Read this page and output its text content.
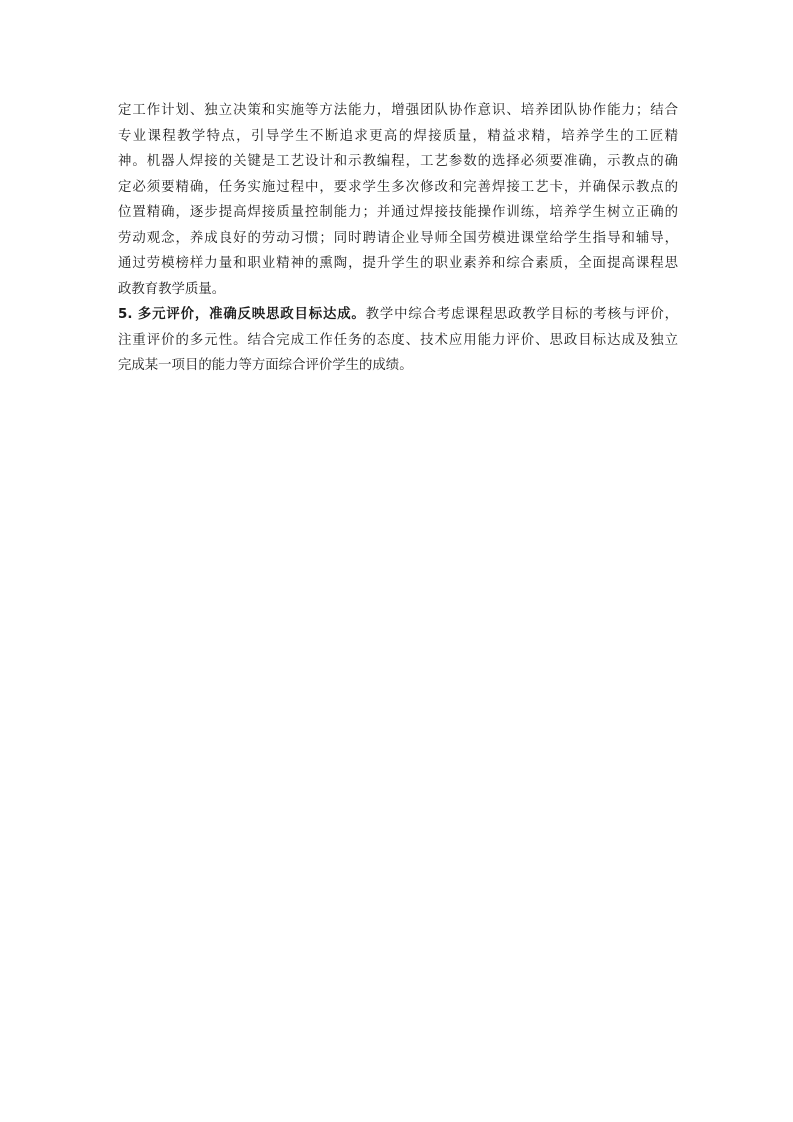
定工作计划、独立决策和实施等方法能力，增强团队协作意识、培养团队协作能力；结合
专业课程教学特点，引导学生不断追求更高的焊接质量，精益求精，培养学生的工匠精
神。机器人焊接的关键是工艺设计和示教编程，工艺参数的选择必须要准确，示教点的确
定必须要精确，任务实施过程中，要求学生多次修改和完善焊接工艺卡，并确保示教点的
位置精确，逐步提高焊接质量控制能力；并通过焊接技能操作训练，培养学生树立正确的
劳动观念，养成良好的劳动习惯；同时聘请企业导师全国劳模进课堂给学生指导和辅导，
通过劳模榜样力量和职业精神的熏陶，提升学生的职业素养和综合素质，全面提高课程思
政教育教学质量。
5. 多元评价，准确反映思政目标达成。教学中综合考虑课程思政教学目标的考核与评价，
注重评价的多元性。结合完成工作任务的态度、技术应用能力评价、思政目标达成及独立
完成某一项目的能力等方面综合评价学生的成绩。
